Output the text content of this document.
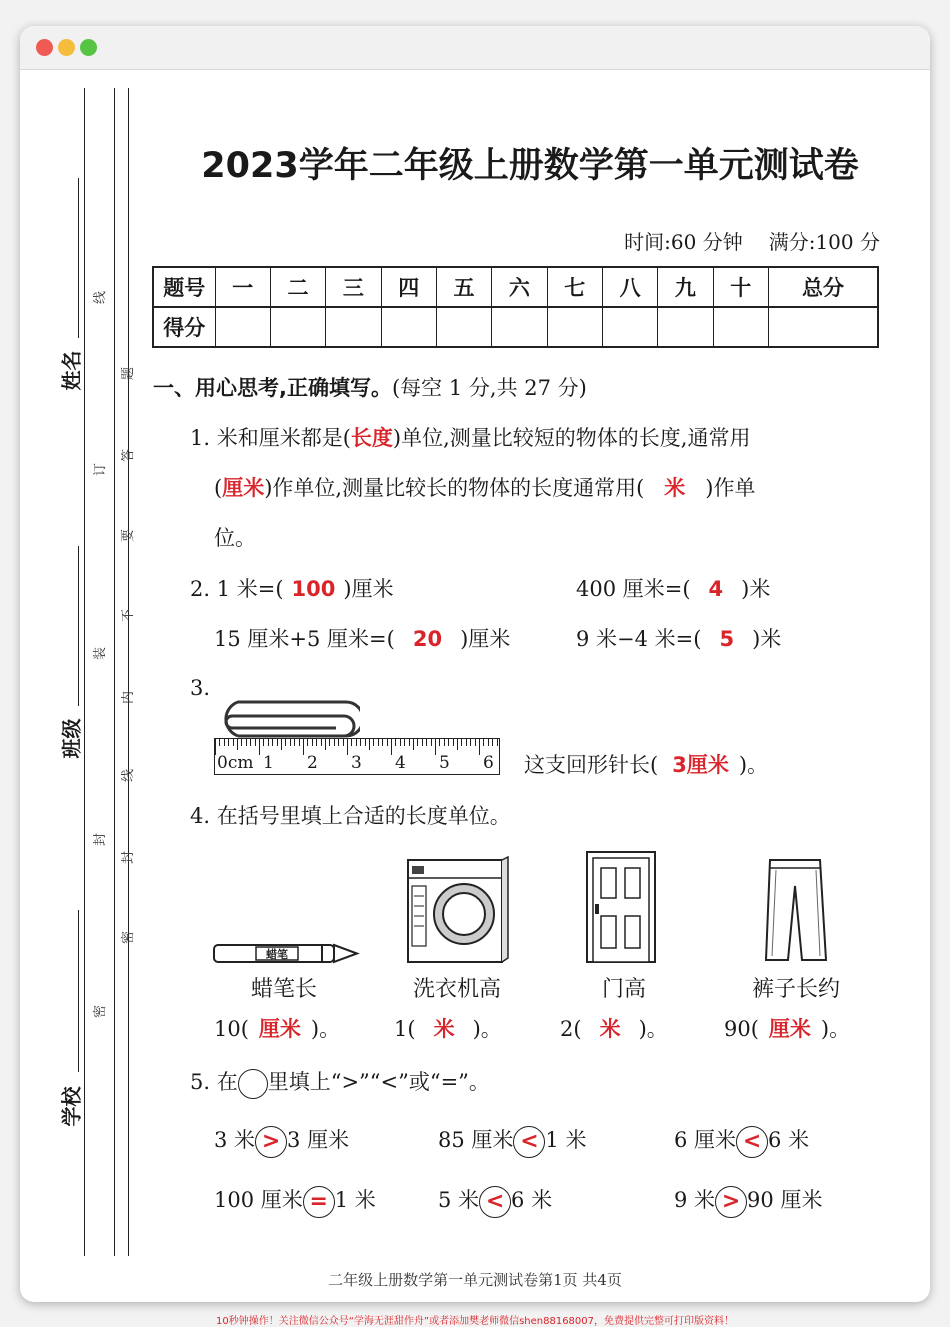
姓名
班级
学校
线
订
装
封
密
题
答
要
不
内
线
封
密
2023学年二年级上册数学第一单元测试卷
时间:60 分钟 满分:100 分
题号	一	二	三	四	五	六	七	八	九	十	总分
得分											
一、用心思考,正确填写。(每空 1 分,共 27 分)
1. 米和厘米都是(长度)单位,测量比较短的物体的长度,通常用
(厘米)作单位,测量比较长的物体的长度通常用( 米 )作单
位。
2. 1 米=( 100 )厘米	400 厘米=( 4 )米
15 厘米+5 厘米=( 20 )厘米	9 米−4 米=( 5 )米
3.
0cm 1 2 3 4 5 6 这支回形针长( 3厘米 )。
4. 在括号里填上合适的长度单位。
蜡笔
蜡笔长	洗衣机高	门高	裤子长约
10( 厘米 )。	1( 米 )。	2( 米 )。	90( 厘米 )。
5. 在 里填上“>”“<”或“=”。
3 米 > 3 厘米	85 厘米 < 1 米	6 厘米 < 6 米
100 厘米 = 1 米	5 米 < 6 米	9 米 > 90 厘米
二年级上册数学第一单元测试卷第1页 共4页
10秒钟操作！关注微信公众号“学海无涯甜作舟”或者添加樊老师微信shen88168007，免费提供完整可打印版资料！
